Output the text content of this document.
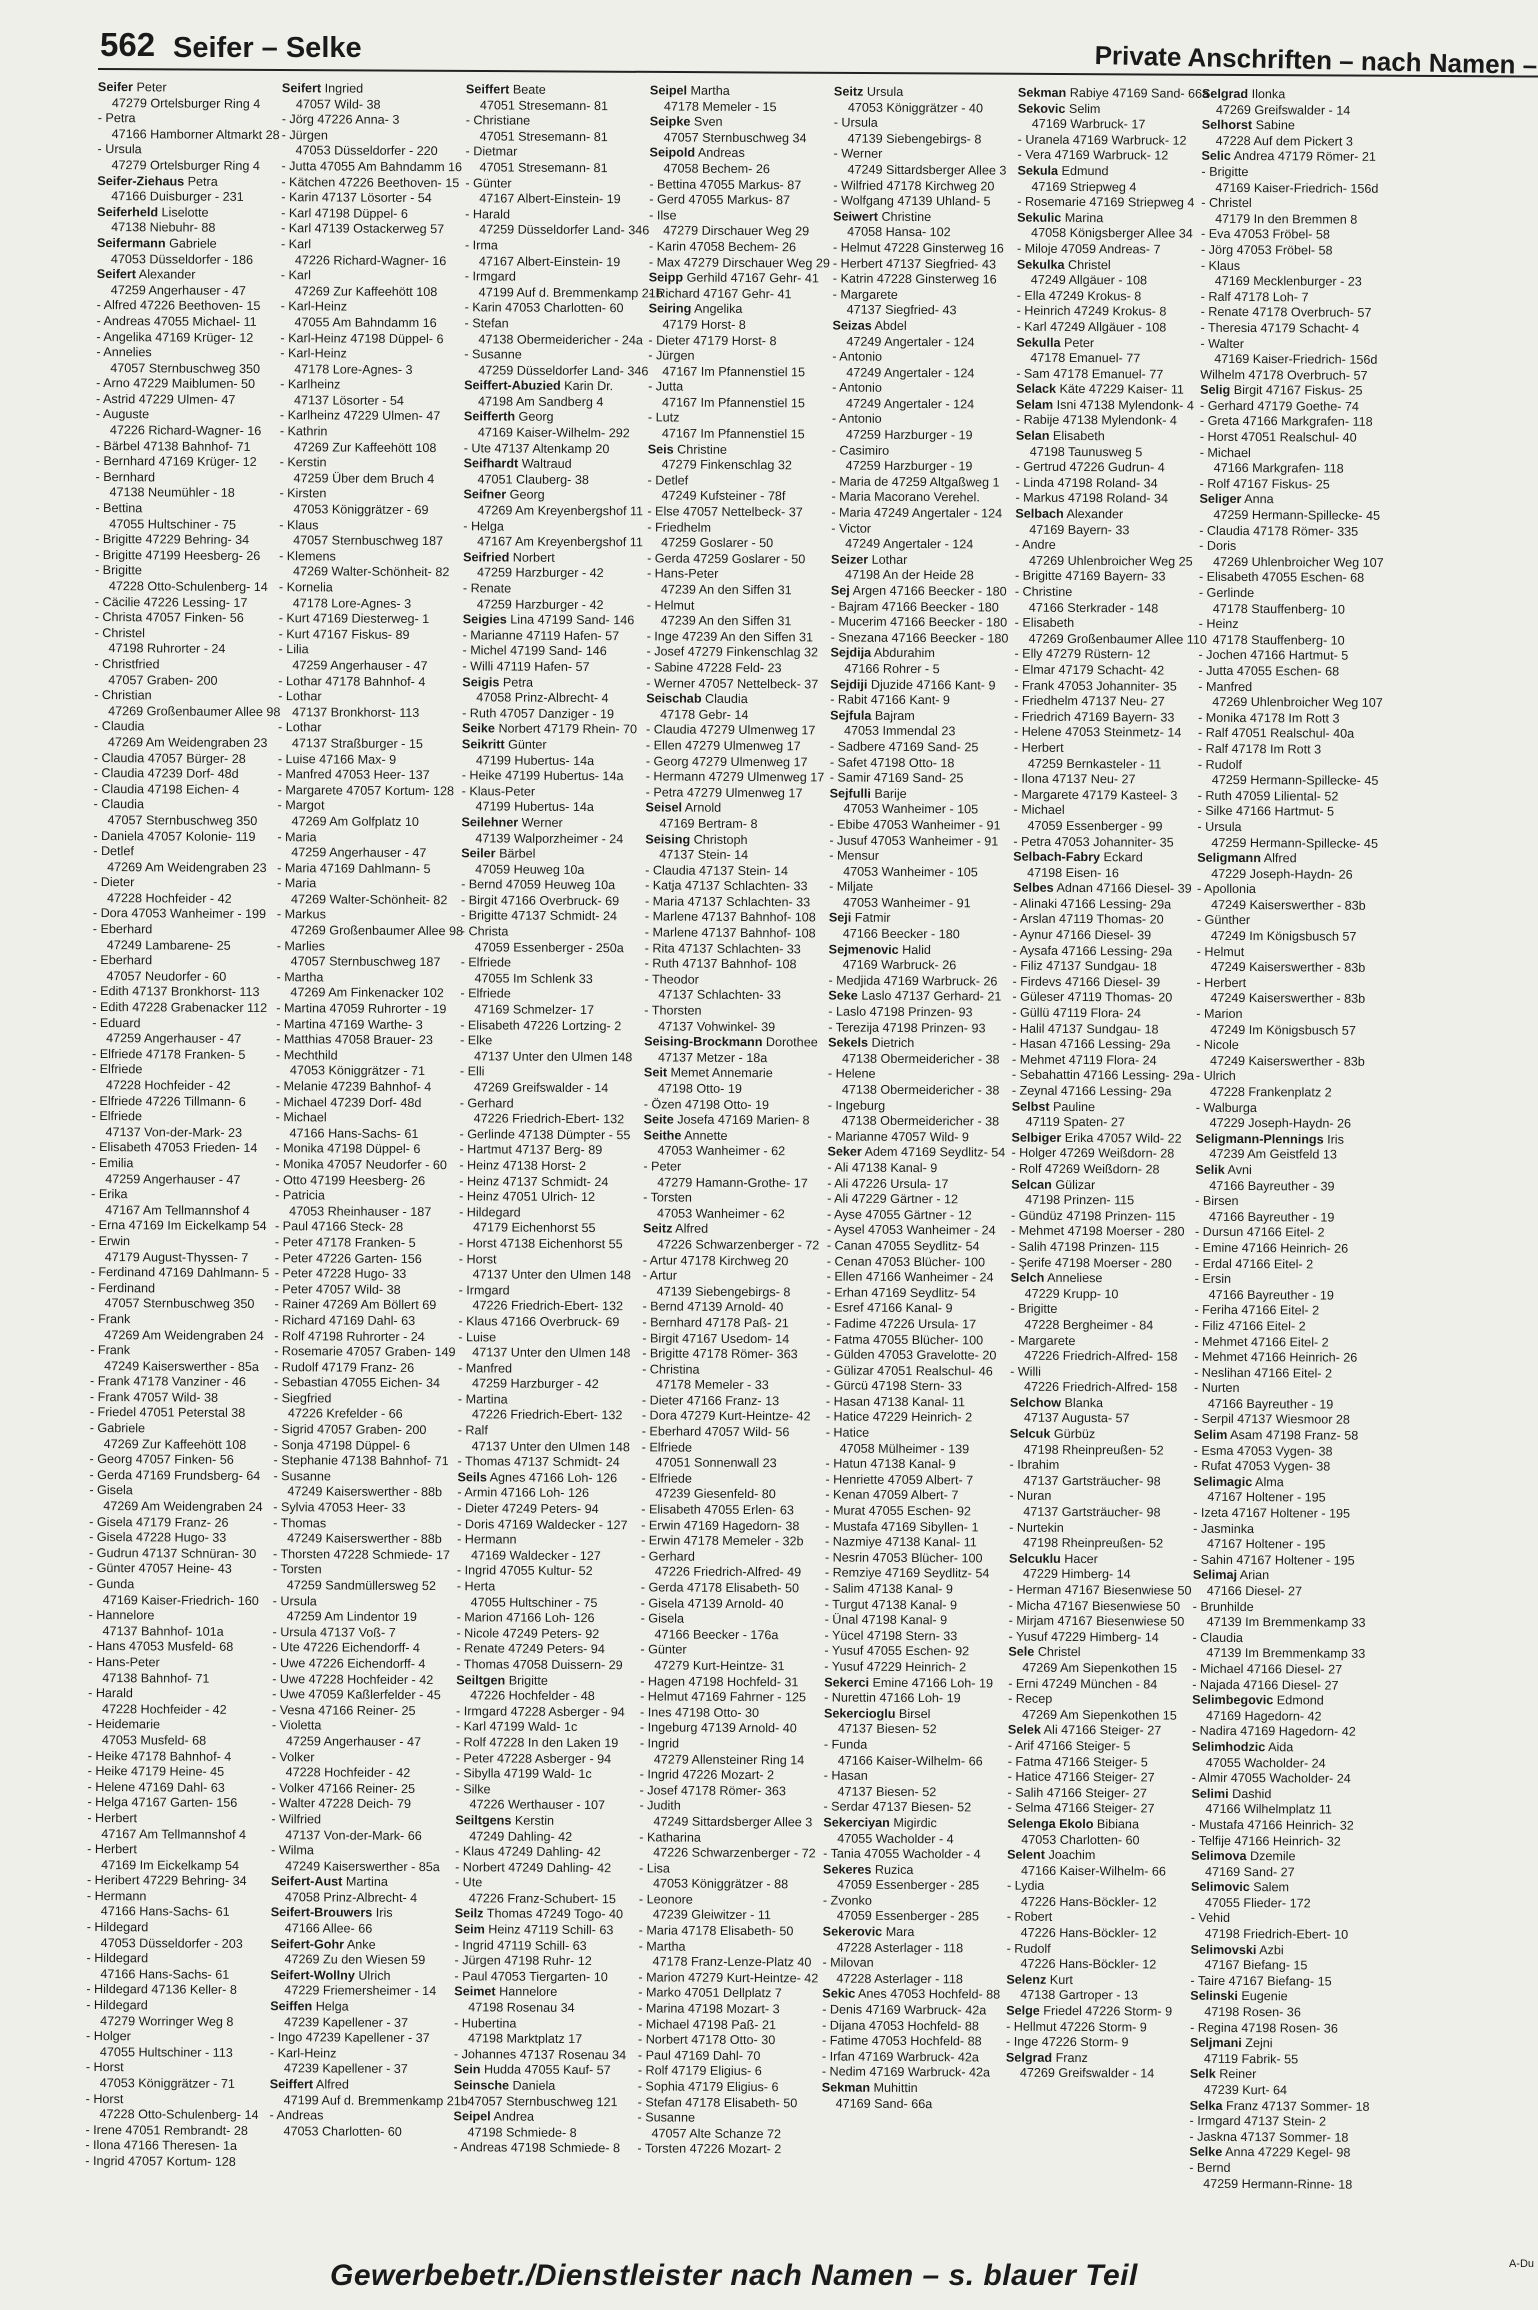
562 Seifer – Selke	Private Anschriften – nach Namen –
Seifer Peter
47279 Ortelsburger Ring 4
- Petra
47166 Hamborner Altmarkt 28
- Ursula
47279 Ortelsburger Ring 4
Seifer-Ziehaus Petra
47166 Duisburger - 231
Seiferheld Liselotte
47138 Niebuhr- 88
Seifermann Gabriele
47053 Düsseldorfer - 186
Seifert Alexander
47259 Angerhauser - 47
- Alfred 47226 Beethoven- 15
- Andreas 47055 Michael- 11
- Angelika 47169 Krüger- 12
- Annelies
47057 Sternbuschweg 350
- Arno 47229 Maiblumen- 50
- Astrid 47229 Ulmen- 47
- Auguste
47226 Richard-Wagner- 16
- Bärbel 47138 Bahnhof- 71
- Bernhard 47169 Krüger- 12
- Bernhard
47138 Neumühler - 18
- Bettina
47055 Hultschiner - 75
- Brigitte 47229 Behring- 34
- Brigitte 47199 Heesberg- 26
- Brigitte
47228 Otto-Schulenberg- 14
- Cäcilie 47226 Lessing- 17
- Christa 47057 Finken- 56
- Christel
47198 Ruhrorter - 24
- Christfried
47057 Graben- 200
- Christian
47269 Großenbaumer Allee 98
- Claudia
47269 Am Weidengraben 23
- Claudia 47057 Bürger- 28
- Claudia 47239 Dorf- 48d
- Claudia 47198 Eichen- 4
- Claudia
47057 Sternbuschweg 350
- Daniela 47057 Kolonie- 119
- Detlef
47269 Am Weidengraben 23
- Dieter
47228 Hochfeider - 42
- Dora 47053 Wanheimer - 199
- Eberhard
47249 Lambarene- 25
- Eberhard
47057 Neudorfer - 60
- Edith 47137 Bronkhorst- 113
- Edith 47228 Grabenacker 112
- Eduard
47259 Angerhauser - 47
- Elfriede 47178 Franken- 5
- Elfriede
47228 Hochfeider - 42
- Elfriede 47226 Tillmann- 6
- Elfriede
47137 Von-der-Mark- 23
- Elisabeth 47053 Frieden- 14
- Emilia
47259 Angerhauser - 47
- Erika
47167 Am Tellmannshof 4
- Erna 47169 Im Eickelkamp 54
- Erwin
47179 August-Thyssen- 7
- Ferdinand 47169 Dahlmann- 5
- Ferdinand
47057 Sternbuschweg 350
- Frank
47269 Am Weidengraben 24
- Frank
47249 Kaiserswerther - 85a
- Frank 47178 Vanziner - 46
- Frank 47057 Wild- 38
- Friedel 47051 Peterstal 38
- Gabriele
47269 Zur Kaffeehött 108
- Georg 47057 Finken- 56
- Gerda 47169 Frundsberg- 64
- Gisela
47269 Am Weidengraben 24
- Gisela 47179 Franz- 26
- Gisela 47228 Hugo- 33
- Gudrun 47137 Schnüran- 30
- Günter 47057 Heine- 43
- Gunda
47169 Kaiser-Friedrich- 160
- Hannelore
47137 Bahnhof- 101a
- Hans 47053 Musfeld- 68
- Hans-Peter
47138 Bahnhof- 71
- Harald
47228 Hochfeider - 42
- Heidemarie
47053 Musfeld- 68
- Heike 47178 Bahnhof- 4
- Heike 47179 Heine- 45
- Helene 47169 Dahl- 63
- Helga 47167 Garten- 156
- Herbert
47167 Am Tellmannshof 4
- Herbert
47169 Im Eickelkamp 54
- Heribert 47229 Behring- 34
- Hermann
47166 Hans-Sachs- 61
- Hildegard
47053 Düsseldorfer - 203
- Hildegard
47166 Hans-Sachs- 61
- Hildegard 47136 Keller- 8
- Hildegard
47279 Worringer Weg 8
- Holger
47055 Hultschiner - 113
- Horst
47053 Königgrätzer - 71
- Horst
47228 Otto-Schulenberg- 14
- Irene 47051 Rembrandt- 28
- Ilona 47166 Theresen- 1a
- Ingrid 47057 Kortum- 128
Seifert Ingried
47057 Wild- 38
- Jörg 47226 Anna- 3
- Jürgen
47053 Düsseldorfer - 220
- Jutta 47055 Am Bahndamm 16
- Kätchen 47226 Beethoven- 15
- Karin 47137 Lösorter - 54
- Karl 47198 Düppel- 6
- Karl 47139 Ostackerweg 57
- Karl
47226 Richard-Wagner- 16
- Karl
47269 Zur Kaffeehött 108
- Karl-Heinz
47055 Am Bahndamm 16
- Karl-Heinz 47198 Düppel- 6
- Karl-Heinz
47178 Lore-Agnes- 3
- Karlheinz
47137 Lösorter - 54
- Karlheinz 47229 Ulmen- 47
- Kathrin
47269 Zur Kaffeehött 108
- Kerstin
47259 Über dem Bruch 4
- Kirsten
47053 Königgrätzer - 69
- Klaus
47057 Sternbuschweg 187
- Klemens
47269 Walter-Schönheit- 82
- Kornelia
47178 Lore-Agnes- 3
- Kurt 47169 Diesterweg- 1
- Kurt 47167 Fiskus- 89
- Lilia
47259 Angerhauser - 47
- Lothar 47178 Bahnhof- 4
- Lothar
47137 Bronkhorst- 113
- Lothar
47137 Straßburger - 15
- Luise 47166 Max- 9
- Manfred 47053 Heer- 137
- Margarete 47057 Kortum- 128
- Margot
47269 Am Golfplatz 10
- Maria
47259 Angerhauser - 47
- Maria 47169 Dahlmann- 5
- Maria
47269 Walter-Schönheit- 82
- Markus
47269 Großenbaumer Allee 98
- Marlies
47057 Sternbuschweg 187
- Martha
47269 Am Finkenacker 102
- Martina 47059 Ruhrorter - 19
- Martina 47169 Warthe- 3
- Matthias 47058 Brauer- 23
- Mechthild
47053 Königgrätzer - 71
- Melanie 47239 Bahnhof- 4
- Michael 47239 Dorf- 48d
- Michael
47166 Hans-Sachs- 61
- Monika 47198 Düppel- 6
- Monika 47057 Neudorfer - 60
- Otto 47199 Heesberg- 26
- Patricia
47053 Rheinhauser - 187
- Paul 47166 Steck- 28
- Peter 47178 Franken- 5
- Peter 47226 Garten- 156
- Peter 47228 Hugo- 33
- Peter 47057 Wild- 38
- Rainer 47269 Am Böllert 69
- Richard 47169 Dahl- 63
- Rolf 47198 Ruhrorter - 24
- Rosemarie 47057 Graben- 149
- Rudolf 47179 Franz- 26
- Sebastian 47055 Eichen- 34
- Siegfried
47226 Krefelder - 66
- Sigrid 47057 Graben- 200
- Sonja 47198 Düppel- 6
- Stephanie 47138 Bahnhof- 71
- Susanne
47249 Kaiserswerther - 88b
- Sylvia 47053 Heer- 33
- Thomas
47249 Kaiserswerther - 88b
- Thorsten 47228 Schmiede- 17
- Torsten
47259 Sandmüllersweg 52
- Ursula
47259 Am Lindentor 19
- Ursula 47137 Voß- 7
- Ute 47226 Eichendorff- 4
- Uwe 47226 Eichendorff- 4
- Uwe 47228 Hochfeider - 42
- Uwe 47059 Kaßlerfelder - 45
- Vesna 47166 Reiner- 25
- Violetta
47259 Angerhauser - 47
- Volker
47228 Hochfeider - 42
- Volker 47166 Reiner- 25
- Walter 47228 Deich- 79
- Wilfried
47137 Von-der-Mark- 66
- Wilma
47249 Kaiserswerther - 85a
Seifert-Aust Martina
47058 Prinz-Albrecht- 4
Seifert-Brouwers Iris
47166 Allee- 66
Seifert-Gohr Anke
47269 Zu den Wiesen 59
Seifert-Wollny Ulrich
47229 Friemersheimer - 14
Seiffen Helga
47239 Kapellener - 37
- Ingo 47239 Kapellener - 37
- Karl-Heinz
47239 Kapellener - 37
Seiffert Alfred
47199 Auf d. Bremmenkamp 21b
- Andreas
47053 Charlotten- 60
Seiffert Beate
47051 Stresemann- 81
- Christiane
47051 Stresemann- 81
- Dietmar
47051 Stresemann- 81
- Günter
47167 Albert-Einstein- 19
- Harald
47259 Düsseldorfer Land- 346
- Irma
47167 Albert-Einstein- 19
- Irmgard
47199 Auf d. Bremmenkamp 21b
- Karin 47053 Charlotten- 60
- Stefan
47138 Obermeidericher - 24a
- Susanne
47259 Düsseldorfer Land- 346
Seiffert-Abuzied Karin Dr.
47198 Am Sandberg 4
Seifferth Georg
47169 Kaiser-Wilhelm- 292
- Ute 47137 Altenkamp 20
Seifhardt Waltraud
47051 Clauberg- 38
Seifner Georg
47269 Am Kreyenbergshof 11
- Helga
47167 Am Kreyenbergshof 11
Seifried Norbert
47259 Harzburger - 42
- Renate
47259 Harzburger - 42
Seigies Lina 47199 Sand- 146
- Marianne 47119 Hafen- 57
- Michel 47199 Sand- 146
- Willi 47119 Hafen- 57
Seigis Petra
47058 Prinz-Albrecht- 4
- Ruth 47057 Danziger - 19
Seike Norbert 47179 Rhein- 70
Seikritt Günter
47199 Hubertus- 14a
- Heike 47199 Hubertus- 14a
- Klaus-Peter
47199 Hubertus- 14a
Seilehner Werner
47139 Walporzheimer - 24
Seiler Bärbel
47059 Heuweg 10a
- Bernd 47059 Heuweg 10a
- Birgit 47166 Overbruck- 69
- Brigitte 47137 Schmidt- 24
- Christa
47059 Essenberger - 250a
- Elfriede
47055 Im Schlenk 33
- Elfriede
47169 Schmelzer- 17
- Elisabeth 47226 Lortzing- 2
- Elke
47137 Unter den Ulmen 148
- Elli
47269 Greifswalder - 14
- Gerhard
47226 Friedrich-Ebert- 132
- Gerlinde 47138 Dümpter - 55
- Hartmut 47137 Berg- 89
- Heinz 47138 Horst- 2
- Heinz 47137 Schmidt- 24
- Heinz 47051 Ulrich- 12
- Hildegard
47179 Eichenhorst 55
- Horst 47138 Eichenhorst 55
- Horst
47137 Unter den Ulmen 148
- Irmgard
47226 Friedrich-Ebert- 132
- Klaus 47166 Overbruck- 69
- Luise
47137 Unter den Ulmen 148
- Manfred
47259 Harzburger - 42
- Martina
47226 Friedrich-Ebert- 132
- Ralf
47137 Unter den Ulmen 148
- Thomas 47137 Schmidt- 24
Seils Agnes 47166 Loh- 126
- Armin 47166 Loh- 126
- Dieter 47249 Peters- 94
- Doris 47169 Waldecker - 127
- Hermann
47169 Waldecker - 127
- Ingrid 47055 Kultur- 52
- Herta
47055 Hultschiner - 75
- Marion 47166 Loh- 126
- Nicole 47249 Peters- 92
- Renate 47249 Peters- 94
- Thomas 47058 Duissern- 29
Seiltgen Brigitte
47226 Hochfelder - 48
- Irmgard 47228 Asberger - 94
- Karl 47199 Wald- 1c
- Rolf 47228 In den Laken 19
- Peter 47228 Asberger - 94
- Sibylla 47199 Wald- 1c
- Silke
47226 Werthauser - 107
Seiltgens Kerstin
47249 Dahling- 42
- Klaus 47249 Dahling- 42
- Norbert 47249 Dahling- 42
- Ute
47226 Franz-Schubert- 15
Seilz Thomas 47249 Togo- 40
Seim Heinz 47119 Schill- 63
- Ingrid 47119 Schill- 63
- Jürgen 47198 Ruhr- 12
- Paul 47053 Tiergarten- 10
Seimet Hannelore
47198 Rosenau 34
- Hubertina
47198 Marktplatz 17
- Johannes 47137 Rosenau 34
Sein Hudda 47055 Kauf- 57
Seinsche Daniela
47057 Sternbuschweg 121
Seipel Andrea
47198 Schmiede- 8
- Andreas 47198 Schmiede- 8
Seipel Martha
47178 Memeler - 15
Seipke Sven
47057 Sternbuschweg 34
Seipold Andreas
47058 Bechem- 26
- Bettina 47055 Markus- 87
- Gerd 47055 Markus- 87
- Ilse
47279 Dirschauer Weg 29
- Karin 47058 Bechem- 26
- Max 47279 Dirschauer Weg 29
Seipp Gerhild 47167 Gehr- 41
- Richard 47167 Gehr- 41
Seiring Angelika
47179 Horst- 8
- Dieter 47179 Horst- 8
- Jürgen
47167 Im Pfannenstiel 15
- Jutta
47167 Im Pfannenstiel 15
- Lutz
47167 Im Pfannenstiel 15
Seis Christine
47279 Finkenschlag 32
- Detlef
47249 Kufsteiner - 78f
- Else 47057 Nettelbeck- 37
- Friedhelm
47259 Goslarer - 50
- Gerda 47259 Goslarer - 50
- Hans-Peter
47239 An den Siffen 31
- Helmut
47239 An den Siffen 31
- Inge 47239 An den Siffen 31
- Josef 47279 Finkenschlag 32
- Sabine 47228 Feld- 23
- Werner 47057 Nettelbeck- 37
Seischab Claudia
47178 Gebr- 14
- Claudia 47279 Ulmenweg 17
- Ellen 47279 Ulmenweg 17
- Georg 47279 Ulmenweg 17
- Hermann 47279 Ulmenweg 17
- Petra 47279 Ulmenweg 17
Seisel Arnold
47169 Bertram- 8
Seising Christoph
47137 Stein- 14
- Claudia 47137 Stein- 14
- Katja 47137 Schlachten- 33
- Maria 47137 Schlachten- 33
- Marlene 47137 Bahnhof- 108
- Marlene 47137 Bahnhof- 108
- Rita 47137 Schlachten- 33
- Ruth 47137 Bahnhof- 108
- Theodor
47137 Schlachten- 33
- Thorsten
47137 Vohwinkel- 39
Seising-Brockmann Dorothee
47137 Metzer - 18a
Seit Memet Annemarie
47198 Otto- 19
- Özen 47198 Otto- 19
Seite Josefa 47169 Marien- 8
Seithe Annette
47053 Wanheimer - 62
- Peter
47279 Hamann-Grothe- 17
- Torsten
47053 Wanheimer - 62
Seitz Alfred
47226 Schwarzenberger - 72
- Artur 47178 Kirchweg 20
- Artur
47139 Siebengebirgs- 8
- Bernd 47139 Arnold- 40
- Bernhard 47178 Paß- 21
- Birgit 47167 Usedom- 14
- Brigitte 47178 Römer- 363
- Christina
47178 Memeler - 33
- Dieter 47166 Franz- 13
- Dora 47279 Kurt-Heintze- 42
- Eberhard 47057 Wild- 56
- Elfriede
47051 Sonnenwall 23
- Elfriede
47239 Giesenfeld- 80
- Elisabeth 47055 Erlen- 63
- Erwin 47169 Hagedorn- 38
- Erwin 47178 Memeler - 32b
- Gerhard
47226 Friedrich-Alfred- 49
- Gerda 47178 Elisabeth- 50
- Gisela 47139 Arnold- 40
- Gisela
47166 Beecker - 176a
- Günter
47279 Kurt-Heintze- 31
- Hagen 47198 Hochfeld- 31
- Helmut 47169 Fahrner - 125
- Ines 47198 Otto- 30
- Ingeburg 47139 Arnold- 40
- Ingrid
47279 Allensteiner Ring 14
- Ingrid 47226 Mozart- 2
- Josef 47178 Römer- 363
- Judith
47249 Sittardsberger Allee 3
- Katharina
47226 Schwarzenberger - 72
- Lisa
47053 Königgrätzer - 88
- Leonore
47239 Gleiwitzer - 11
- Maria 47178 Elisabeth- 50
- Martha
47178 Franz-Lenze-Platz 40
- Marion 47279 Kurt-Heintze- 42
- Marko 47051 Dellplatz 7
- Marina 47198 Mozart- 3
- Michael 47198 Paß- 21
- Norbert 47178 Otto- 30
- Paul 47169 Dahl- 70
- Rolf 47179 Eligius- 6
- Sophia 47179 Eligius- 6
- Stefan 47178 Elisabeth- 50
- Susanne
47057 Alte Schanze 72
- Torsten 47226 Mozart- 2
Seitz Ursula
47053 Königgrätzer - 40
- Ursula
47139 Siebengebirgs- 8
- Werner
47249 Sittardsberger Allee 3
- Wilfried 47178 Kirchweg 20
- Wolfgang 47139 Uhland- 5
Seiwert Christine
47058 Hansa- 102
- Helmut 47228 Ginsterweg 16
- Herbert 47137 Siegfried- 43
- Katrin 47228 Ginsterweg 16
- Margarete
47137 Siegfried- 43
Seizas Abdel
47249 Angertaler - 124
- Antonio
47249 Angertaler - 124
- Antonio
47249 Angertaler - 124
- Antonio
47259 Harzburger - 19
- Casimiro
47259 Harzburger - 19
- Maria de 47259 Altgaßweg 1
- Maria Macorano Verehel.
- Maria 47249 Angertaler - 124
- Victor
47249 Angertaler - 124
Seizer Lothar
47198 An der Heide 28
Sej Argen 47166 Beecker - 180
- Bajram 47166 Beecker - 180
- Mucerim 47166 Beecker - 180
- Snezana 47166 Beecker - 180
Sejdija Abdurahim
47166 Rohrer - 5
Sejdiji Djuzide 47166 Kant- 9
- Rabit 47166 Kant- 9
Sejfula Bajram
47053 Immendal 23
- Sadbere 47169 Sand- 25
- Safet 47198 Otto- 18
- Samir 47169 Sand- 25
Sejfulli Barije
47053 Wanheimer - 105
- Ebibe 47053 Wanheimer - 91
- Jusuf 47053 Wanheimer - 91
- Mensur
47053 Wanheimer - 105
- Miljate
47053 Wanheimer - 91
Seji Fatmir
47166 Beecker - 180
Sejmenovic Halid
47169 Warbruck- 26
- Medjida 47169 Warbruck- 26
Seke Laslo 47137 Gerhard- 21
- Laslo 47198 Prinzen- 93
- Terezija 47198 Prinzen- 93
Sekels Dietrich
47138 Obermeidericher - 38
- Helene
47138 Obermeidericher - 38
- Ingeburg
47138 Obermeidericher - 38
- Marianne 47057 Wild- 9
Seker Adem 47169 Seydlitz- 54
- Ali 47138 Kanal- 9
- Ali 47226 Ursula- 17
- Ali 47229 Gärtner - 12
- Ayse 47055 Gärtner - 12
- Aysel 47053 Wanheimer - 24
- Canan 47055 Seydlitz- 54
- Cenan 47053 Blücher- 100
- Ellen 47166 Wanheimer - 24
- Erhan 47169 Seydlitz- 54
- Esref 47166 Kanal- 9
- Fadime 47226 Ursula- 17
- Fatma 47055 Blücher- 100
- Gülden 47053 Gravelotte- 20
- Gülizar 47051 Realschul- 46
- Gürcü 47198 Stern- 33
- Hasan 47138 Kanal- 11
- Hatice 47229 Heinrich- 2
- Hatice
47058 Mülheimer - 139
- Hatun 47138 Kanal- 9
- Henriette 47059 Albert- 7
- Kenan 47059 Albert- 7
- Murat 47055 Eschen- 92
- Mustafa 47169 Sibyllen- 1
- Nazmiye 47138 Kanal- 11
- Nesrin 47053 Blücher- 100
- Remziye 47169 Seydlitz- 54
- Salim 47138 Kanal- 9
- Turgut 47138 Kanal- 9
- Ünal 47198 Kanal- 9
- Yücel 47198 Stern- 33
- Yusuf 47055 Eschen- 92
- Yusuf 47229 Heinrich- 2
Sekerci Emine 47166 Loh- 19
- Nurettin 47166 Loh- 19
Sekercioglu Birsel
47137 Biesen- 52
- Funda
47166 Kaiser-Wilhelm- 66
- Hasan
47137 Biesen- 52
- Serdar 47137 Biesen- 52
Sekerciyan Migirdic
47055 Wacholder - 4
- Tania 47055 Wacholder - 4
Sekeres Ruzica
47059 Essenberger - 285
- Zvonko
47059 Essenberger - 285
Sekerovic Mara
47228 Asterlager - 118
- Milovan
47228 Asterlager - 118
Sekic Anes 47053 Hochfeld- 88
- Denis 47169 Warbruck- 42a
- Dijana 47053 Hochfeld- 88
- Fatime 47053 Hochfeld- 88
- Irfan 47169 Warbruck- 42a
- Nedim 47169 Warbruck- 42a
Sekman Muhittin
47169 Sand- 66a
Sekman Rabiye 47169 Sand- 66a
Sekovic Selim
47169 Warbruck- 17
- Uranela 47169 Warbruck- 12
- Vera 47169 Warbruck- 12
Sekula Edmund
47169 Striepweg 4
- Rosemarie 47169 Striepweg 4
Sekulic Marina
47058 Königsberger Allee 34
- Miloje 47059 Andreas- 7
Sekulka Christel
47249 Allgäuer - 108
- Ella 47249 Krokus- 8
- Heinrich 47249 Krokus- 8
- Karl 47249 Allgäuer - 108
Sekulla Peter
47178 Emanuel- 77
- Sam 47178 Emanuel- 77
Selack Käte 47229 Kaiser- 11
Selam Isni 47138 Mylendonk- 4
- Rabije 47138 Mylendonk- 4
Selan Elisabeth
47198 Taunusweg 5
- Gertrud 47226 Gudrun- 4
- Linda 47198 Roland- 34
- Markus 47198 Roland- 34
Selbach Alexander
47169 Bayern- 33
- Andre
47269 Uhlenbroicher Weg 25
- Brigitte 47169 Bayern- 33
- Christine
47166 Sterkrader - 148
- Elisabeth
47269 Großenbaumer Allee 110
- Elly 47279 Rüstern- 12
- Elmar 47179 Schacht- 42
- Frank 47053 Johanniter- 35
- Friedhelm 47137 Neu- 27
- Friedrich 47169 Bayern- 33
- Helene 47053 Steinmetz- 14
- Herbert
47259 Bernkasteler - 11
- Ilona 47137 Neu- 27
- Margarete 47179 Kasteel- 3
- Michael
47059 Essenberger - 99
- Petra 47053 Johanniter- 35
Selbach-Fabry Eckard
47198 Eisen- 16
Selbes Adnan 47166 Diesel- 39
- Alinaki 47166 Lessing- 29a
- Arslan 47119 Thomas- 20
- Aynur 47166 Diesel- 39
- Aysafa 47166 Lessing- 29a
- Filiz 47137 Sundgau- 18
- Firdevs 47166 Diesel- 39
- Güleser 47119 Thomas- 20
- Güllü 47119 Flora- 24
- Halil 47137 Sundgau- 18
- Hasan 47166 Lessing- 29a
- Mehmet 47119 Flora- 24
- Sebahattin 47166 Lessing- 29a
- Zeynal 47166 Lessing- 29a
Selbst Pauline
47119 Spaten- 27
Selbiger Erika 47057 Wild- 22
- Holger 47269 Weißdorn- 28
- Rolf 47269 Weißdorn- 28
Selcan Gülizar
47198 Prinzen- 115
- Gündüz 47198 Prinzen- 115
- Mehmet 47198 Moerser - 280
- Salih 47198 Prinzen- 115
- Şerife 47198 Moerser - 280
Selch Anneliese
47229 Krupp- 10
- Brigitte
47228 Bergheimer - 84
- Margarete
47226 Friedrich-Alfred- 158
- Willi
47226 Friedrich-Alfred- 158
Selchow Blanka
47137 Augusta- 57
Selcuk Gürbüz
47198 Rheinpreußen- 52
- Ibrahim
47137 Gartsträucher- 98
- Nuran
47137 Gartsträucher- 98
- Nurtekin
47198 Rheinpreußen- 52
Selcuklu Hacer
47229 Himberg- 14
- Herman 47167 Biesenwiese 50
- Micha 47167 Biesenwiese 50
- Mirjam 47167 Biesenwiese 50
- Yusuf 47229 Himberg- 14
Sele Christel
47269 Am Siepenkothen 15
- Erni 47249 München - 84
- Recep
47269 Am Siepenkothen 15
Selek Ali 47166 Steiger- 27
- Arif 47166 Steiger- 5
- Fatma 47166 Steiger- 5
- Hatice 47166 Steiger- 27
- Salih 47166 Steiger- 27
- Selma 47166 Steiger- 27
Selenga Ekolo Bibiana
47053 Charlotten- 60
Selent Joachim
47166 Kaiser-Wilhelm- 66
- Lydia
47226 Hans-Böckler- 12
- Robert
47226 Hans-Böckler- 12
- Rudolf
47226 Hans-Böckler- 12
Selenz Kurt
47138 Gartroper - 13
Selge Friedel 47226 Storm- 9
- Hellmut 47226 Storm- 9
- Inge 47226 Storm- 9
Selgrad Franz
47269 Greifswalder - 14
Selgrad Ilonka
47269 Greifswalder - 14
Selhorst Sabine
47228 Auf dem Pickert 3
Selic Andrea 47179 Römer- 21
- Brigitte
47169 Kaiser-Friedrich- 156d
- Christel
47179 In den Bremmen 8
- Eva 47053 Fröbel- 58
- Jörg 47053 Fröbel- 58
- Klaus
47169 Mecklenburger - 23
- Ralf 47178 Loh- 7
- Renate 47178 Overbruch- 57
- Theresia 47179 Schacht- 4
- Walter
47169 Kaiser-Friedrich- 156d
Wilhelm 47178 Overbruch- 57
Selig Birgit 47167 Fiskus- 25
- Gerhard 47179 Goethe- 74
- Greta 47166 Markgrafen- 118
- Horst 47051 Realschul- 40
- Michael
47166 Markgrafen- 118
- Rolf 47167 Fiskus- 25
Seliger Anna
47259 Hermann-Spillecke- 45
- Claudia 47178 Römer- 335
- Doris
47269 Uhlenbroicher Weg 107
- Elisabeth 47055 Eschen- 68
- Gerlinde
47178 Stauffenberg- 10
- Heinz
47178 Stauffenberg- 10
- Jochen 47166 Hartmut- 5
- Jutta 47055 Eschen- 68
- Manfred
47269 Uhlenbroicher Weg 107
- Monika 47178 Im Rott 3
- Ralf 47051 Realschul- 40a
- Ralf 47178 Im Rott 3
- Rudolf
47259 Hermann-Spillecke- 45
- Ruth 47059 Liliental- 52
- Silke 47166 Hartmut- 5
- Ursula
47259 Hermann-Spillecke- 45
Seligmann Alfred
47229 Joseph-Haydn- 26
- Apollonia
47249 Kaiserswerther - 83b
- Günther
47249 Im Königsbusch 57
- Helmut
47249 Kaiserswerther - 83b
- Herbert
47249 Kaiserswerther - 83b
- Marion
47249 Im Königsbusch 57
- Nicole
47249 Kaiserswerther - 83b
- Ulrich
47228 Frankenplatz 2
- Walburga
47229 Joseph-Haydn- 26
Seligmann-Plennings Iris
47239 Am Geistfeld 13
Selik Avni
47166 Bayreuther - 39
- Birsen
47166 Bayreuther - 19
- Dursun 47166 Eitel- 2
- Emine 47166 Heinrich- 26
- Erdal 47166 Eitel- 2
- Ersin
47166 Bayreuther - 19
- Feriha 47166 Eitel- 2
- Filiz 47166 Eitel- 2
- Mehmet 47166 Eitel- 2
- Mehmet 47166 Heinrich- 26
- Neslihan 47166 Eitel- 2
- Nurten
47166 Bayreuther - 19
- Serpil 47137 Wiesmoor 28
Selim Asam 47198 Franz- 58
- Esma 47053 Vygen- 38
- Rufat 47053 Vygen- 38
Selimagic Alma
47167 Holtener - 195
- Izeta 47167 Holtener - 195
- Jasminka
47167 Holtener - 195
- Sahin 47167 Holtener - 195
Selimaj Arian
47166 Diesel- 27
- Brunhilde
47139 Im Bremmenkamp 33
- Claudia
47139 Im Bremmenkamp 33
- Michael 47166 Diesel- 27
- Najada 47166 Diesel- 27
Selimbegovic Edmond
47169 Hagedorn- 42
- Nadira 47169 Hagedorn- 42
Selimhodzic Aida
47055 Wacholder- 24
- Almir 47055 Wacholder- 24
Selimi Dashid
47166 Wilhelmplatz 11
- Mustafa 47166 Heinrich- 32
- Telfije 47166 Heinrich- 32
Selimova Dzemile
47169 Sand- 27
Selimovic Salem
47055 Flieder- 172
- Vehid
47198 Friedrich-Ebert- 10
Selimovski Azbi
47167 Biefang- 15
- Taire 47167 Biefang- 15
Selinski Eugenie
47198 Rosen- 36
- Regina 47198 Rosen- 36
Seljmani Zejni
47119 Fabrik- 55
Selk Reiner
47239 Kurt- 64
Selka Franz 47137 Sommer- 18
- Irmgard 47137 Stein- 2
- Jaskna 47137 Sommer- 18
Selke Anna 47229 Kegel- 98
- Bernd
47259 Hermann-Rinne- 18
Gewerbebetr./Dienstleister nach Namen – s. blauer Teil	A-Du
